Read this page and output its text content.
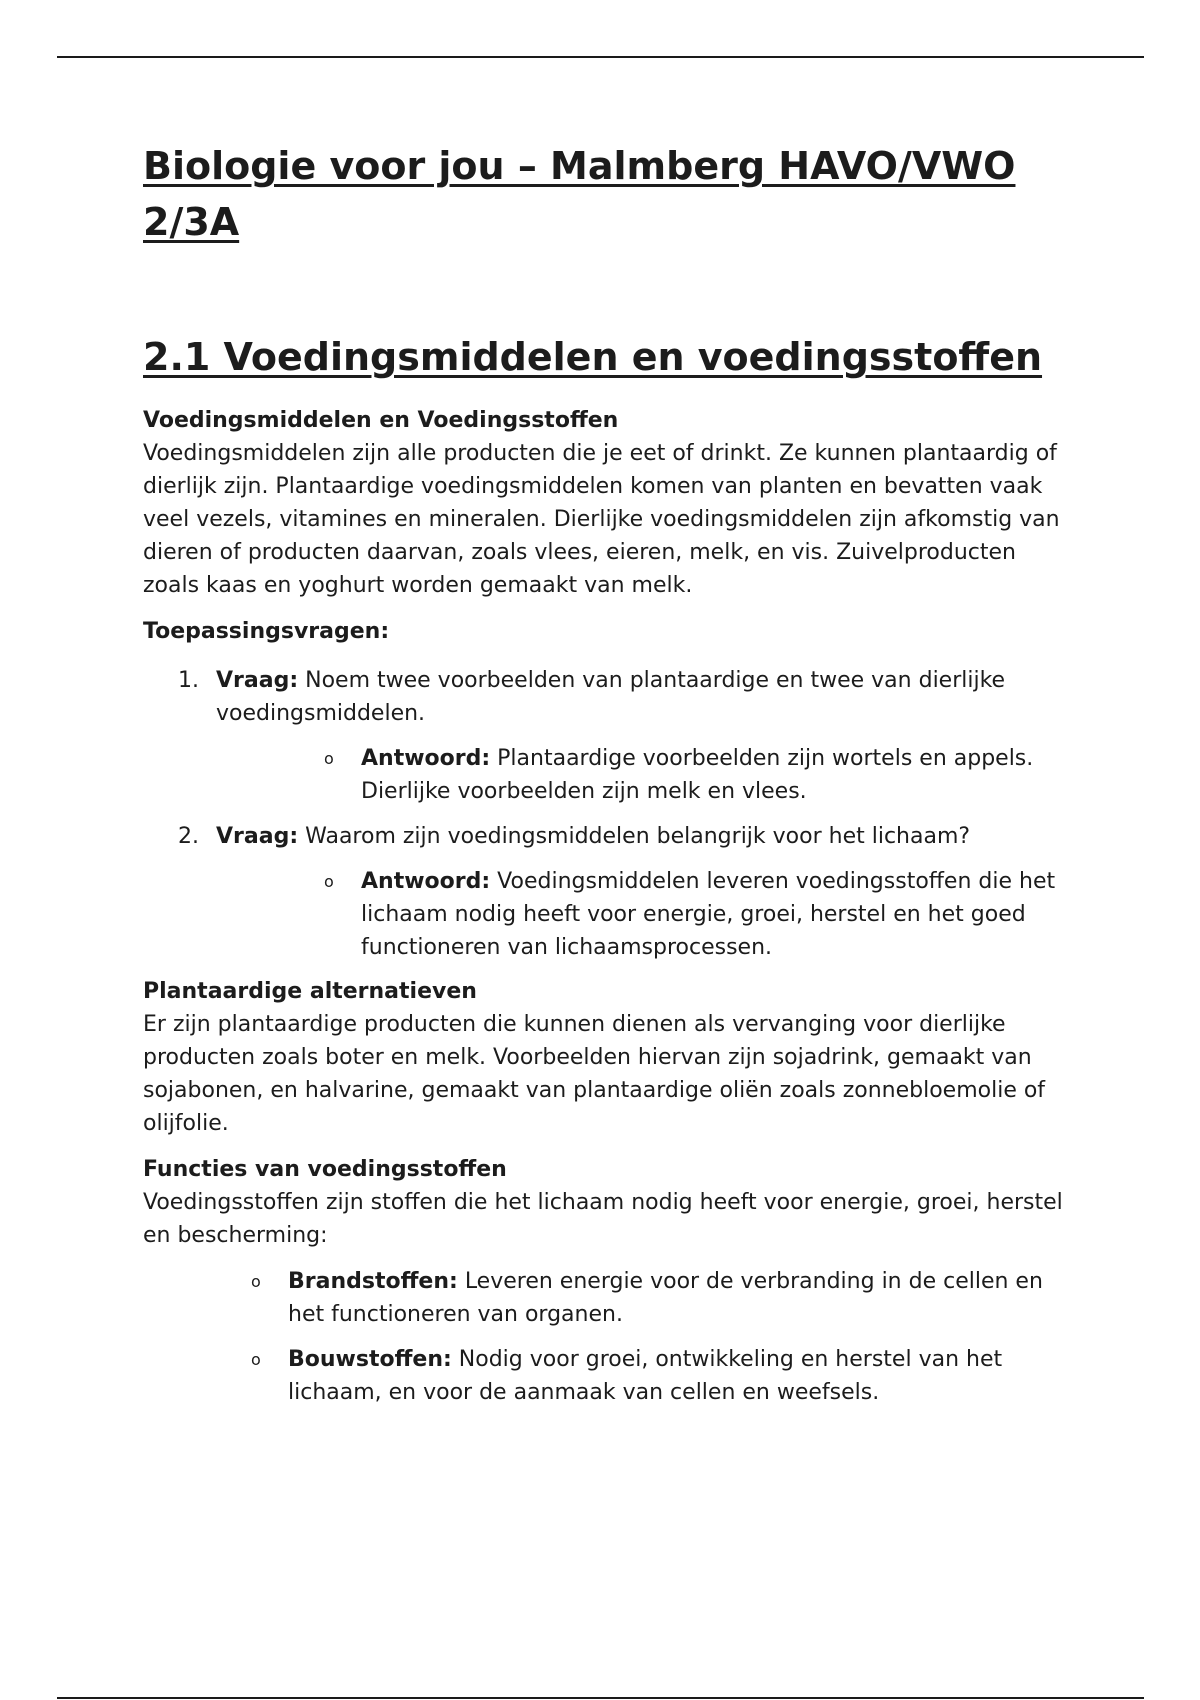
Biologie voor jou – Malmberg HAVO/VWO 2/3A
2.1 Voedingsmiddelen en voedingsstoffen
Voedingsmiddelen en Voedingsstoffen

Voedingsmiddelen zijn alle producten die je eet of drinkt. Ze kunnen plantaardig of dierlijk zijn. Plantaardige voedingsmiddelen komen van planten en bevatten vaak veel vezels, vitamines en mineralen. Dierlijke voedingsmiddelen zijn afkomstig van dieren of producten daarvan, zoals vlees, eieren, melk, en vis. Zuivelproducten zoals kaas en yoghurt worden gemaakt van melk.

Toepassingsvragen:
1. Vraag: Noem twee voorbeelden van plantaardige en twee van dierlijke voedingsmiddelen.
o Antwoord: Plantaardige voorbeelden zijn wortels en appels. Dierlijke voorbeelden zijn melk en vlees.
2. Vraag: Waarom zijn voedingsmiddelen belangrijk voor het lichaam?
o Antwoord: Voedingsmiddelen leveren voedingsstoffen die het lichaam nodig heeft voor energie, groei, herstel en het goed functioneren van lichaamsprocessen.
Plantaardige alternatieven

Er zijn plantaardige producten die kunnen dienen als vervanging voor dierlijke producten zoals boter en melk. Voorbeelden hiervan zijn sojadrink, gemaakt van sojabonen, en halvarine, gemaakt van plantaardige oliën zoals zonnebloemolie of olijfolie.

Functies van voedingsstoffen

Voedingsstoffen zijn stoffen die het lichaam nodig heeft voor energie, groei, herstel en bescherming:

o Brandstoffen: Leveren energie voor de verbranding in de cellen en het functioneren van organen.
o Bouwstoffen: Nodig voor groei, ontwikkeling en herstel van het lichaam, en voor de aanmaak van cellen en weefsels.
